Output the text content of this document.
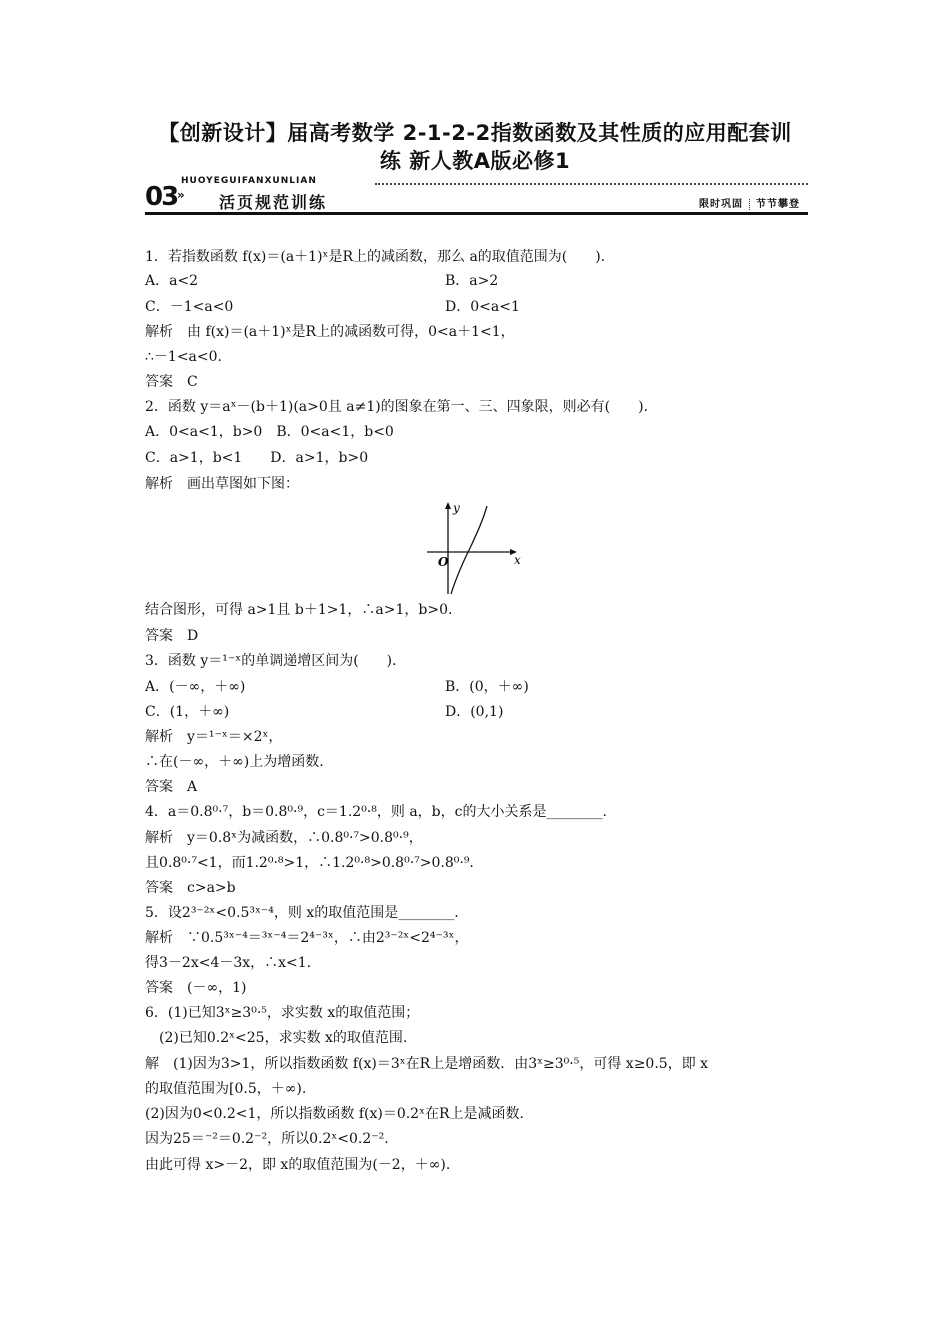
【创新设计】届高考数学 2-1-2-2指数函数及其性质的应用配套训
练 新人教A版必修1
HUOYEGUIFANXUNLIAN
03 » 活页规范训练	限时巩固 节节攀登
1．若指数函数 f(x)＝(a＋1)ˣ是R上的减函数，那么 a的取值范围为(　　)．
A．a<2	B．a>2
C．－1<a<0	D．0<a<1
解析　由 f(x)＝(a＋1)ˣ是R上的减函数可得，0<a＋1<1，
∴－1<a<0.
答案　C
2．函数 y＝aˣ－(b＋1)(a>0且 a≠1)的图象在第一、三、四象限，则必有(　　)．
A．0<a<1，b>0　B．0<a<1，b<0
C．a>1，b<1　　D．a>1，b>0
解析　画出草图如下图：
结合图形，可得 a>1且 b＋1>1，∴a>1，b>0.
答案　D
3．函数 y＝¹⁻ˣ的单调递增区间为(　　)．
A．(－∞，＋∞)	B．(0，＋∞)
C．(1，＋∞)	D．(0,1)
解析　y＝¹⁻ˣ＝×2ˣ，
∴在(－∞，＋∞)上为增函数.
答案　A
4．a＝0.8⁰·⁷，b＝0.8⁰·⁹，c＝1.2⁰·⁸，则 a，b，c的大小关系是________.
解析　y＝0.8ˣ为减函数，∴0.8⁰·⁷>0.8⁰·⁹，
且0.8⁰·⁷<1，而1.2⁰·⁸>1，∴1.2⁰·⁸>0.8⁰·⁷>0.8⁰·⁹.
答案　c>a>b
5．设2³⁻²ˣ<0.5³ˣ⁻⁴，则 x的取值范围是________.
解析　∵0.5³ˣ⁻⁴＝³ˣ⁻⁴＝2⁴⁻³ˣ，∴由2³⁻²ˣ<2⁴⁻³ˣ，
得3－2x<4－3x，∴x<1.
答案　(－∞，1)
6．(1)已知3ˣ≥3⁰·⁵，求实数 x的取值范围；
　(2)已知0.2ˣ<25，求实数 x的取值范围.
解　(1)因为3>1，所以指数函数 f(x)＝3ˣ在R上是增函数．由3ˣ≥3⁰·⁵，可得 x≥0.5，即 x
的取值范围为[0.5，＋∞).
(2)因为0<0.2<1，所以指数函数 f(x)＝0.2ˣ在R上是减函数.
因为25＝⁻²＝0.2⁻²，所以0.2ˣ<0.2⁻².
由此可得 x>－2，即 x的取值范围为(－2，＋∞).
y
x
O
